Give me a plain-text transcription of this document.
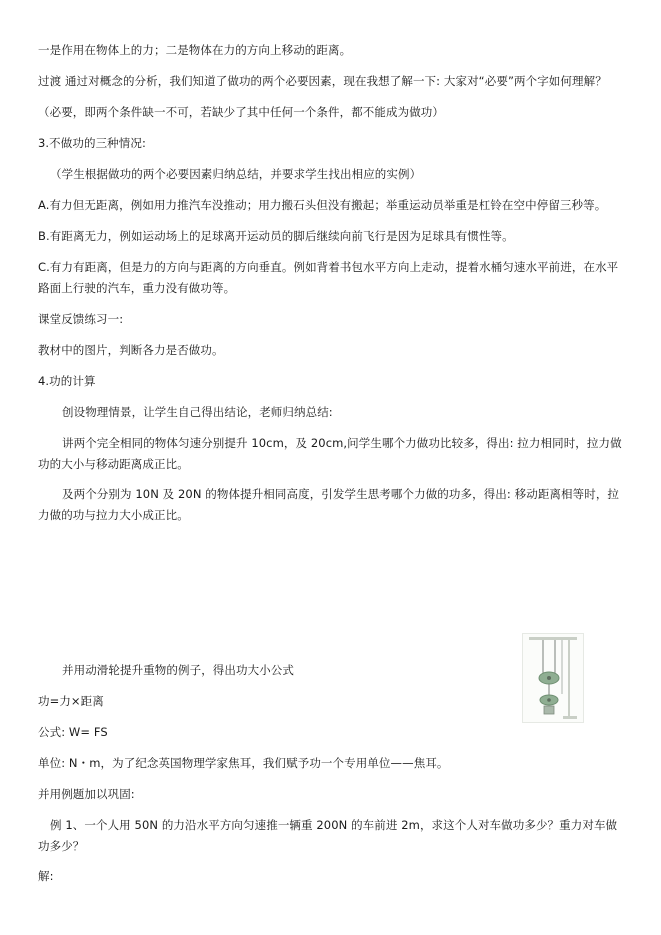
一是作用在物体上的力；二是物体在力的方向上移动的距离。
过渡 通过对概念的分析，我们知道了做功的两个必要因素，现在我想了解一下: 大家对“必要”两个字如何理解？
（必要，即两个条件缺一不可，若缺少了其中任何一个条件，都不能成为做功）
3.不做功的三种情况:
（学生根据做功的两个必要因素归纳总结，并要求学生找出相应的实例）
A.有力但无距离，例如用力推汽车没推动；用力搬石头但没有搬起；举重运动员举重是杠铃在空中停留三秒等。
B.有距离无力，例如运动场上的足球离开运动员的脚后继续向前飞行是因为足球具有惯性等。
C.有力有距离，但是力的方向与距离的方向垂直。例如背着书包水平方向上走动，提着水桶匀速水平前进，在水平路面上行驶的汽车，重力没有做功等。
课堂反馈练习一:
教材中的图片，判断各力是否做功。
4.功的计算
创设物理情景，让学生自己得出结论，老师归纳总结:
讲两个完全相同的物体匀速分别提升 10cm，及 20cm,问学生哪个力做功比较多，得出: 拉力相同时，拉力做功的大小与移动距离成正比。
及两个分别为 10N 及 20N 的物体提升相同高度，引发学生思考哪个力做的功多，得出: 移动距离相等时，拉力做的功与拉力大小成正比。
并用动滑轮提升重物的例子，得出功大小公式
功=力×距离
公式: W= FS
单位: N・m，为了纪念英国物理学家焦耳，我们赋予功一个专用单位——焦耳。
并用例题加以巩固:
例 1、一个人用 50N 的力沿水平方向匀速推一辆重 200N 的车前进 2m，求这个人对车做功多少？重力对车做功多少？
解:
